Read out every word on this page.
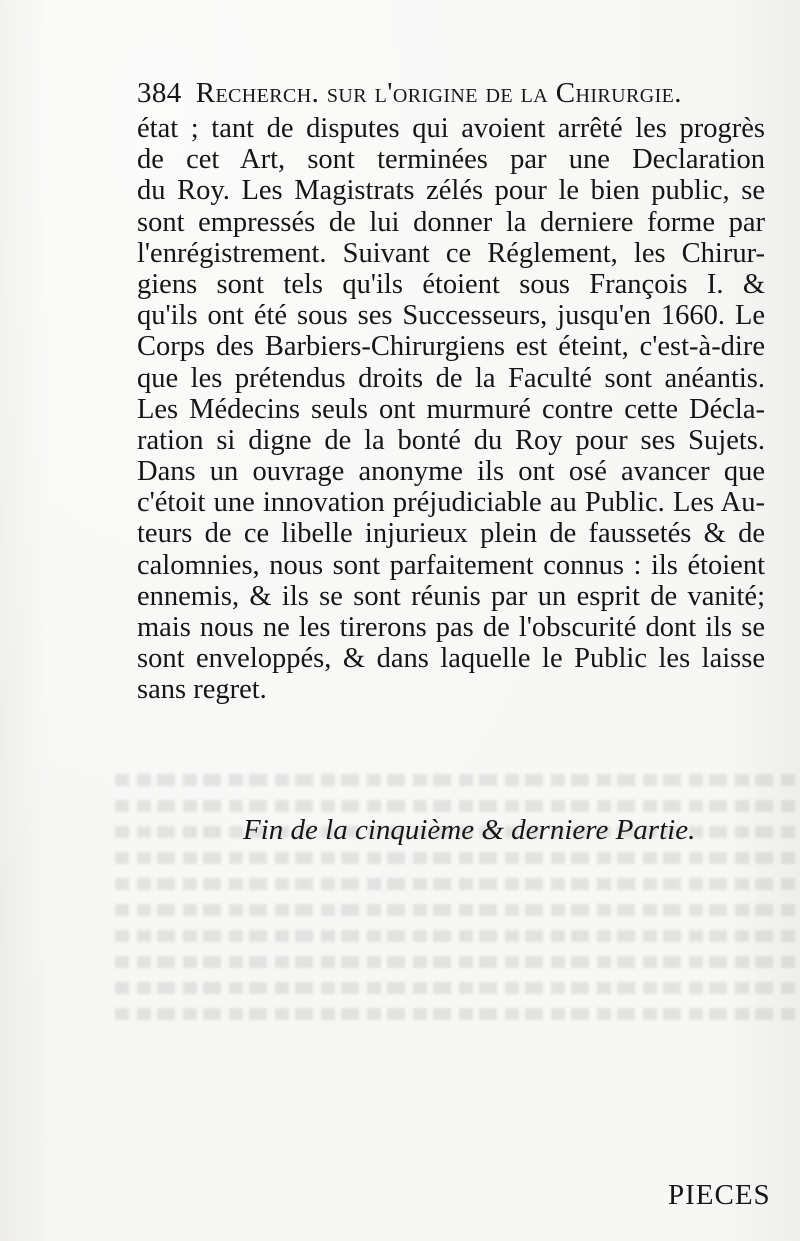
384 Recherch. sur l'origine de la Chirurgie.
état ; tant de disputes qui avoient arrêté les progrès
de cet Art, sont terminées par une Declaration
du Roy. Les Magistrats zélés pour le bien public, se
sont empressés de lui donner la derniere forme par
l'enrégistrement. Suivant ce Réglement, les Chirur-
giens sont tels qu'ils étoient sous François I. &
qu'ils ont été sous ses Successeurs, jusqu'en 1660. Le
Corps des Barbiers-Chirurgiens est éteint, c'est-à-dire
que les prétendus droits de la Faculté sont anéantis.
Les Médecins seuls ont murmuré contre cette Décla-
ration si digne de la bonté du Roy pour ses Sujets.
Dans un ouvrage anonyme ils ont osé avancer que
c'étoit une innovation préjudiciable au Public. Les Au-
teurs de ce libelle injurieux plein de faussetés & de
calomnies, nous sont parfaitement connus : ils étoient
ennemis, & ils se sont réunis par un esprit de vanité;
mais nous ne les tirerons pas de l'obscurité dont ils se
sont enveloppés, & dans laquelle le Public les laisse
sans regret.
Fin de la cinquième & derniere Partie.
PIECES
